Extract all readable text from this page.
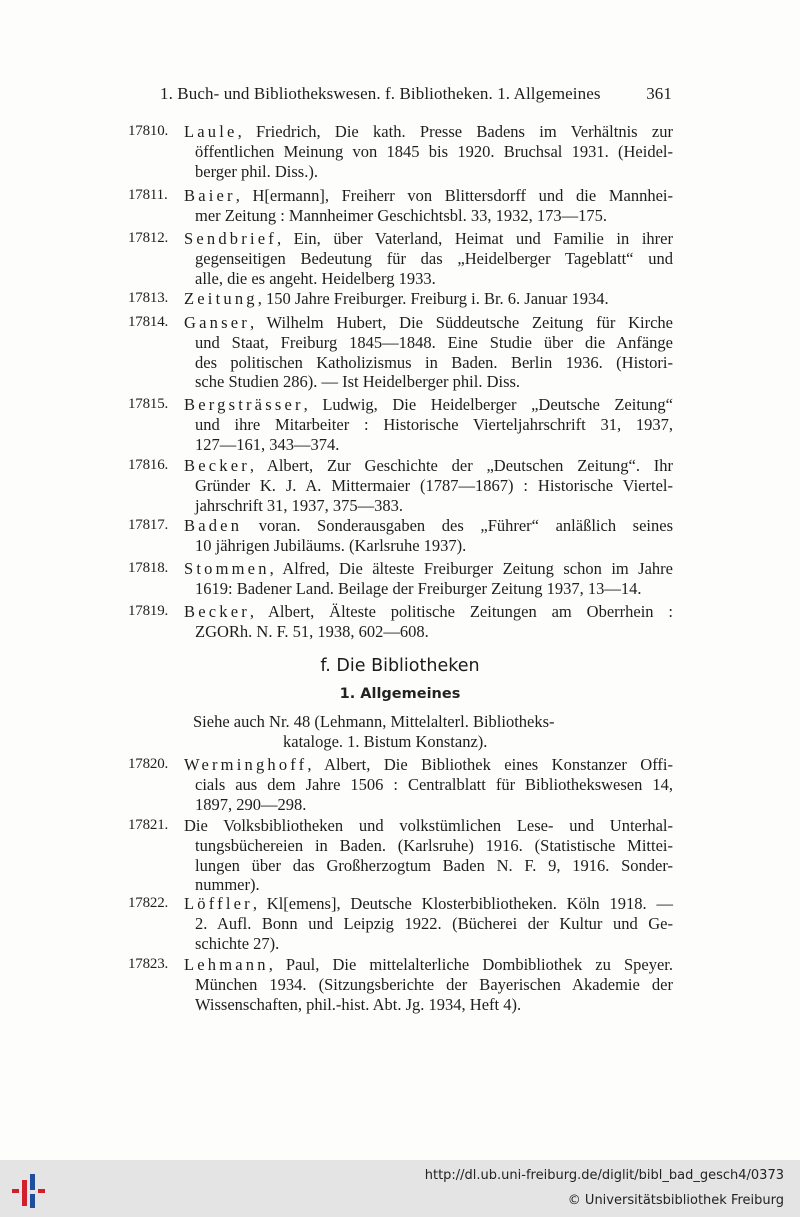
1. Buch- und Bibliothekswesen. f. Bibliotheken. 1. Allgemeines	361
17810. Laule, Friedrich, Die kath. Presse Badens im Verhältnis zur
öffentlichen Meinung von 1845 bis 1920. Bruchsal 1931. (Heidel-
berger phil. Diss.).
17811.	Baier, H[ermann], Freiherr von Blittersdorff und die Mannhei-
mer Zeitung : Mannheimer Geschichtsbl. 33, 1932, 173—175.
17812. Sendbrief, Ein, über Vaterland, Heimat und Familie in ihrer
gegenseitigen Bedeutung für das „Heidelberger Tageblatt“ und
alle, die es angeht. Heidelberg 1933.
17813. Zeitung, 150 Jahre Freiburger. Freiburg i. Br. 6. Januar 1934.
17814. Ganser, Wilhelm Hubert, Die Süddeutsche Zeitung für Kirche
und Staat, Freiburg 1845—1848. Eine Studie über die Anfänge
des politischen Katholizismus in Baden. Berlin 1936. (Histori-
sche Studien 286). — Ist Heidelberger phil. Diss.
17815. Bergsträsser, Ludwig, Die Heidelberger „Deutsche Zeitung“
und ihre Mitarbeiter : Historische Vierteljahrschrift 31, 1937,
127—161, 343—374.
17816. Becker, Albert, Zur Geschichte der „Deutschen Zeitung“. Ihr
Gründer K. J. A. Mittermaier (1787—1867) : Historische Viertel-
jahrschrift 31, 1937, 375—383.
17817. Baden voran. Sonderausgaben des „Führer“ anläßlich seines
10 jährigen Jubiläums. (Karlsruhe 1937).
17818. Stommen, Alfred, Die älteste Freiburger Zeitung schon im Jahre
1619: Badener Land. Beilage der Freiburger Zeitung 1937, 13—14.
17819. Becker, Albert, Älteste politische Zeitungen am Oberrhein :
ZGORh. N. F. 51, 1938, 602—608.
f. Die Bibliotheken
1. Allgemeines
Siehe auch Nr. 48 (Lehmann, Mittelalterl. Bibliotheks-
kataloge. 1. Bistum Konstanz).
17820. Werminghoff, Albert, Die Bibliothek eines Konstanzer Offi-
cials aus dem Jahre 1506 : Centralblatt für Bibliothekswesen 14,
1897, 290—298.
17821. Die Volksbibliotheken und volkstümlichen Lese- und Unterhal-
tungsbüchereien in Baden. (Karlsruhe) 1916. (Statistische Mittei-
lungen über das Großherzogtum Baden N. F. 9, 1916. Sonder-
nummer).
17822. Löffler, Kl[emens], Deutsche Klosterbibliotheken. Köln 1918. —
2. Aufl. Bonn und Leipzig 1922. (Bücherei der Kultur und Ge-
schichte 27).
17823. Lehmann, Paul, Die mittelalterliche Dombibliothek zu Speyer.
München 1934. (Sitzungsberichte der Bayerischen Akademie der
Wissenschaften, phil.-hist. Abt. Jg. 1934, Heft 4).
http://dl.ub.uni-freiburg.de/diglit/bibl_bad_gesch4/0373
© Universitätsbibliothek Freiburg
